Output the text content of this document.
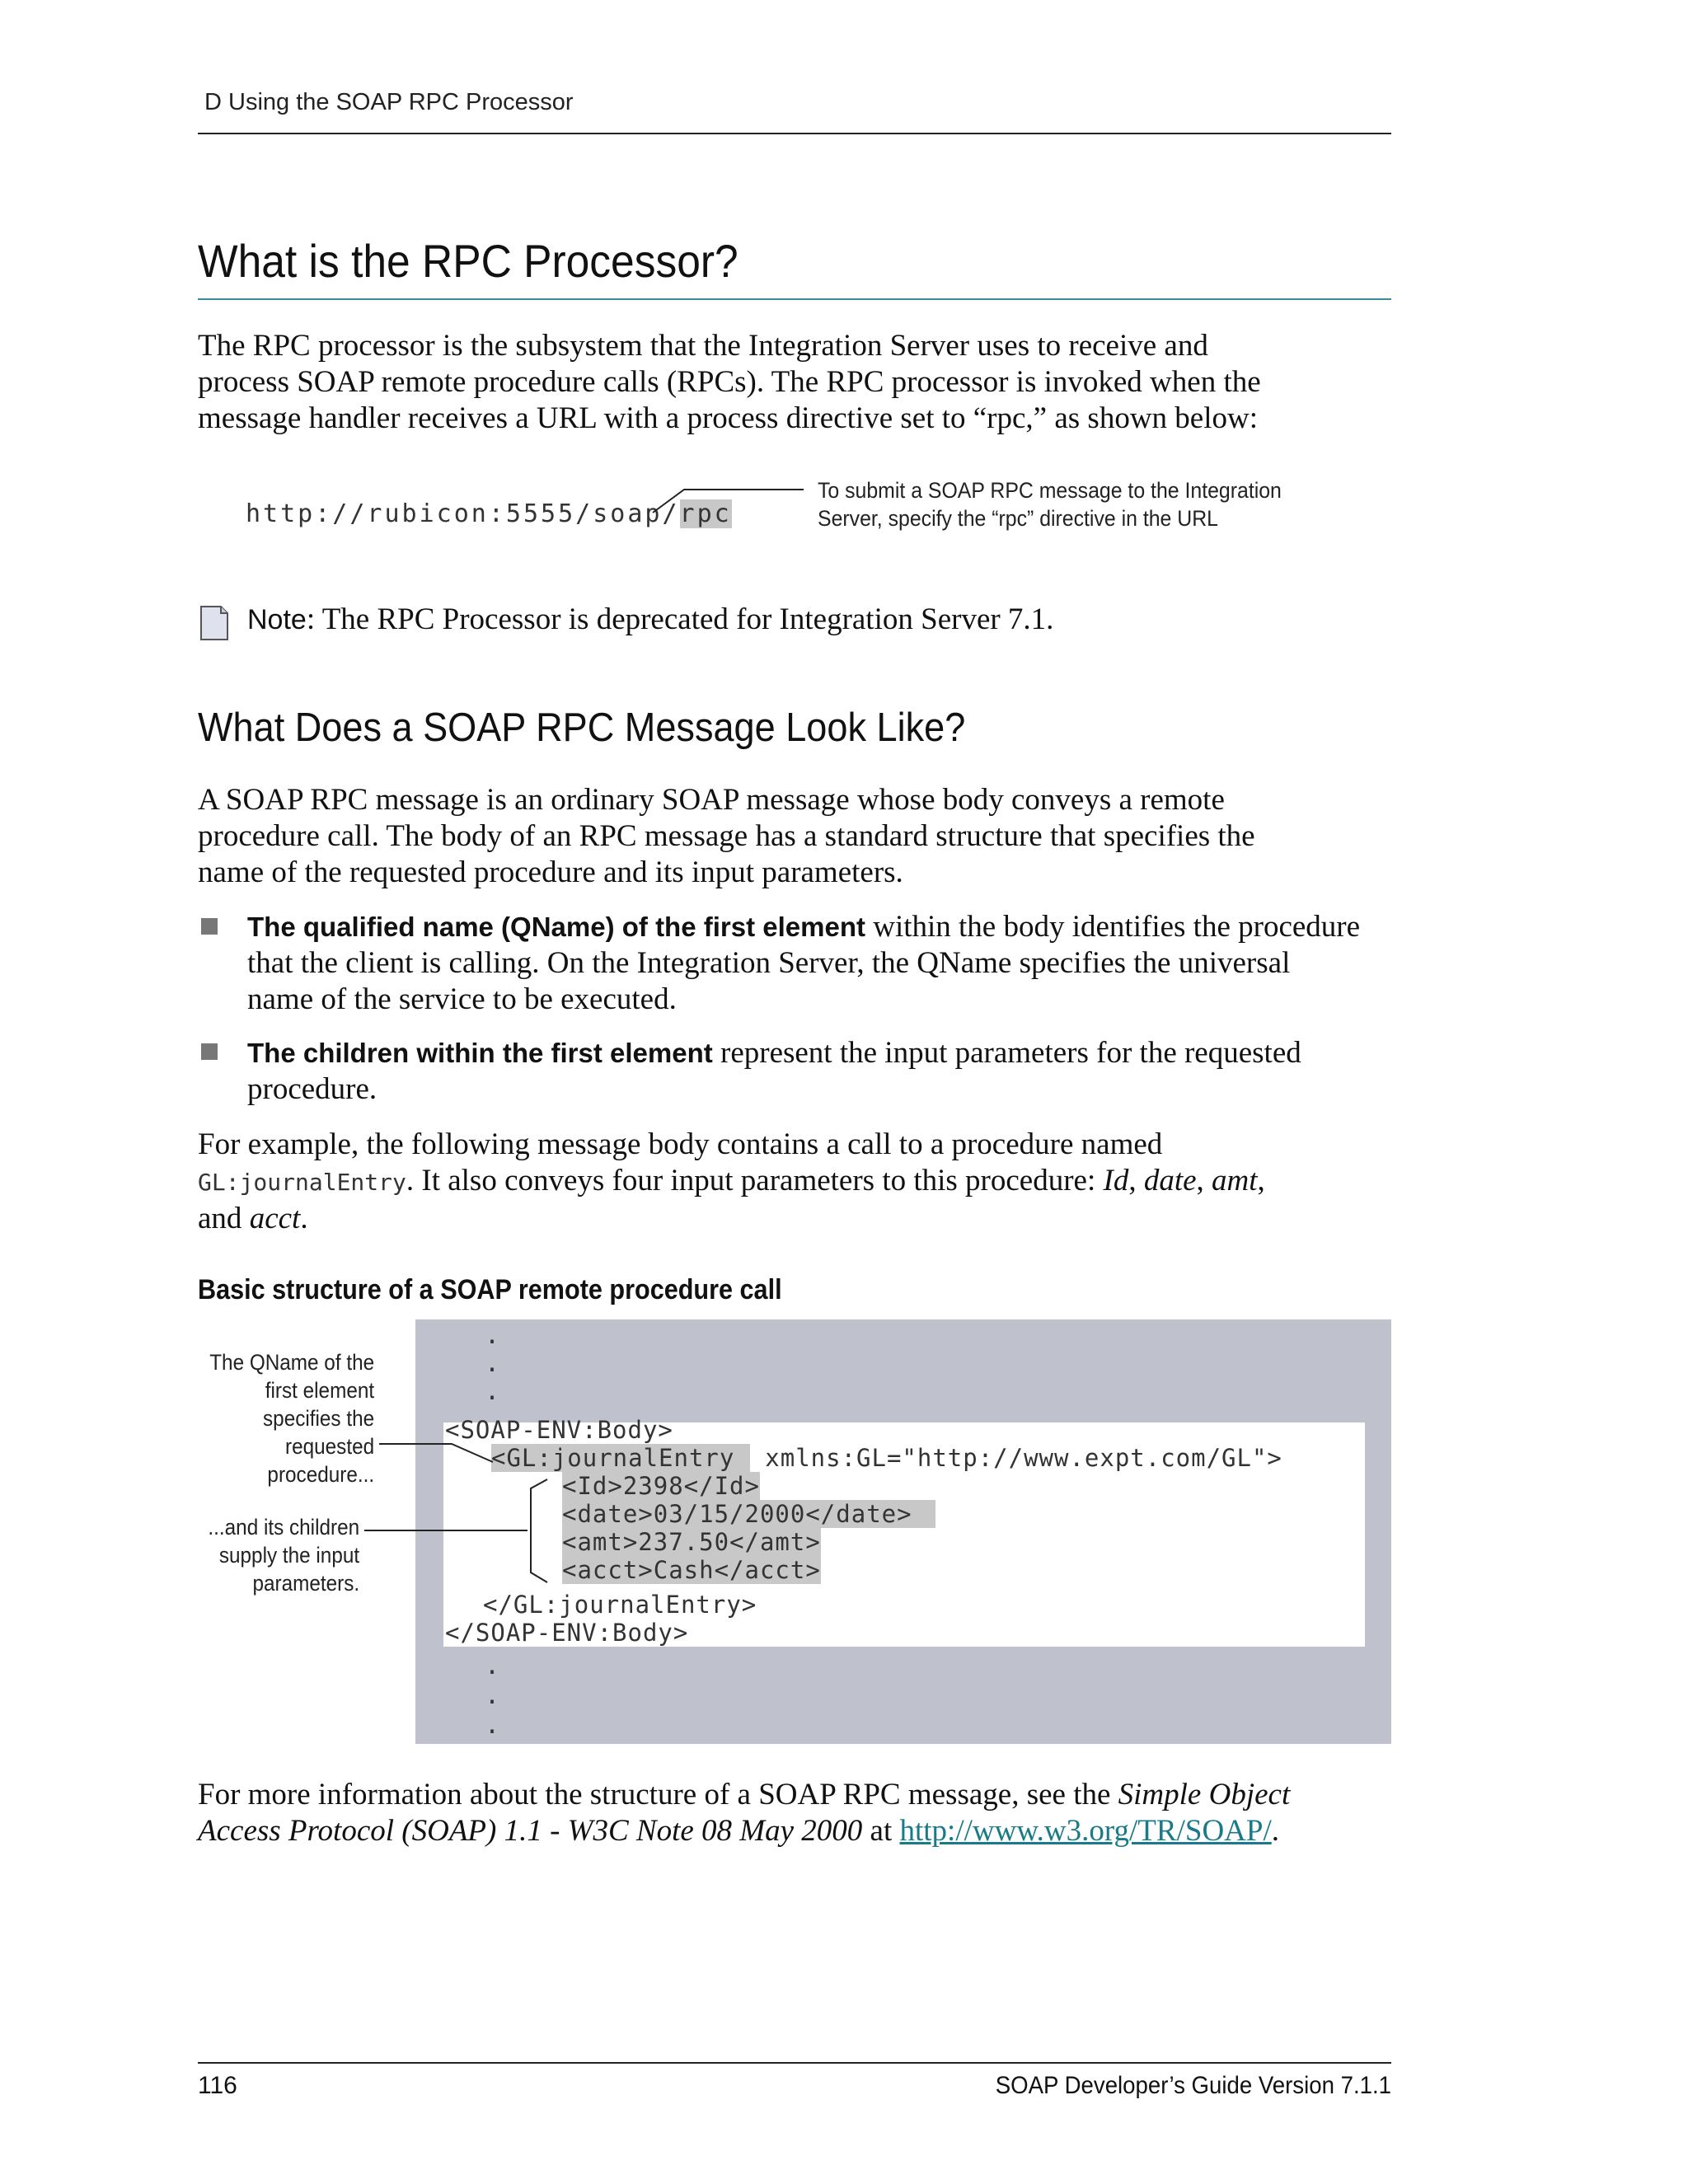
D Using the SOAP RPC Processor
What is the RPC Processor?
The RPC processor is the subsystem that the Integration Server uses to receive and
process SOAP remote procedure calls (RPCs). The RPC processor is invoked when the
message handler receives a URL with a process directive set to “rpc,” as shown below:
http://rubicon:5555/soap/rpc
To submit a SOAP RPC message to the Integration
Server, specify the “rpc” directive in the URL
Note: The RPC Processor is deprecated for Integration Server 7.1.
What Does a SOAP RPC Message Look Like?
A SOAP RPC message is an ordinary SOAP message whose body conveys a remote
procedure call. The body of an RPC message has a standard structure that specifies the
name of the requested procedure and its input parameters.
The qualified name (QName) of the first element within the body identifies the procedure
that the client is calling. On the Integration Server, the QName specifies the universal
name of the service to be executed.
The children within the first element represent the input parameters for the requested
procedure.
For example, the following message body contains a call to a procedure named
GL:journalEntry. It also conveys four input parameters to this procedure: Id, date, amt,
and acct.
Basic structure of a SOAP remote procedure call
.
.
.
<SOAP-ENV:Body>
<GL:journalEntry  xmlns:GL="http://www.expt.com/GL">
<Id>2398</Id>
<date>03/15/2000</date>
<amt>237.50</amt>
<acct>Cash</acct>
</GL:journalEntry>
</SOAP-ENV:Body>
.
.
.
The QName of the
first element
specifies the
requested
procedure...
...and its children
supply the input
parameters.
For more information about the structure of a SOAP RPC message, see the Simple Object
Access Protocol (SOAP) 1.1 - W3C Note 08 May 2000 at http://www.w3.org/TR/SOAP/.
116	SOAP Developer’s Guide Version 7.1.1
